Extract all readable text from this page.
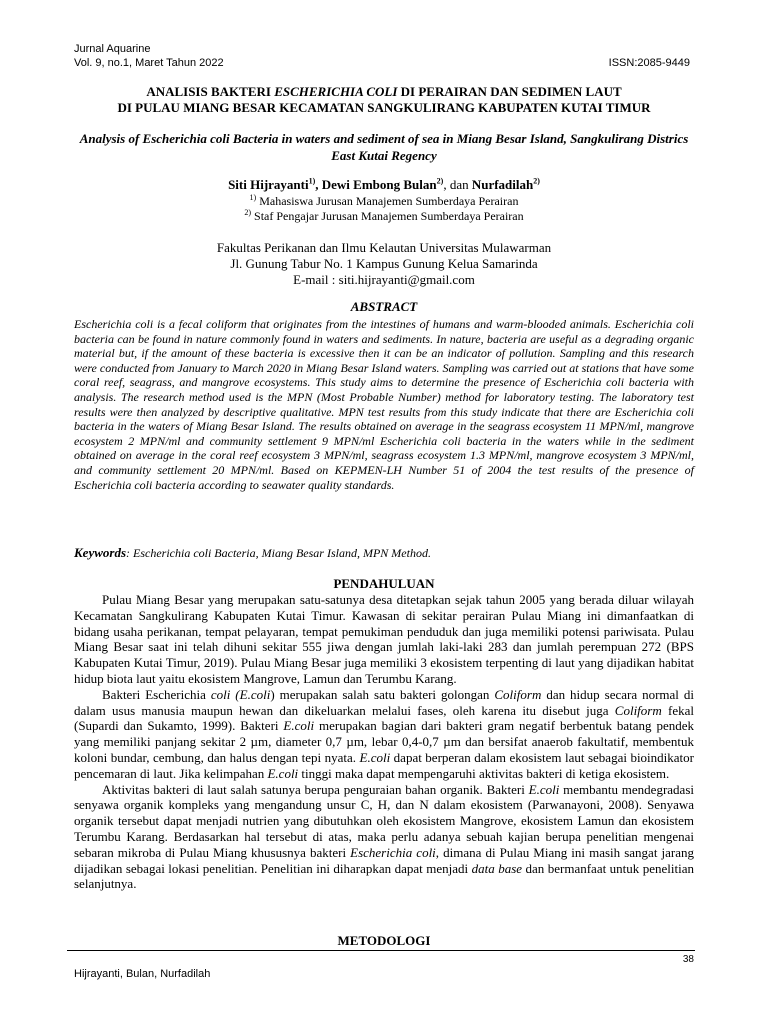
Jurnal Aquarine
Vol. 9, no.1, Maret Tahun 2022	ISSN:2085-9449
ANALISIS BAKTERI ESCHERICHIA COLI DI PERAIRAN DAN SEDIMEN LAUT
DI PULAU MIANG BESAR KECAMATAN SANGKULIRANG KABUPATEN KUTAI TIMUR
Analysis of Escherichia coli Bacteria in waters and sediment of sea in Miang Besar Island, Sangkulirang Districs East Kutai Regency
Siti Hijrayanti$^{1)}$, Dewi Embong Bulan$^{2)}$, dan Nurfadilah$^{2)}$
$^{1)}$ Mahasiswa Jurusan Manajemen Sumberdaya Perairan
$^{2)}$ Staf Pengajar Jurusan Manajemen Sumberdaya Perairan
Fakultas Perikanan dan Ilmu Kelautan Universitas Mulawarman
Jl. Gunung Tabur No. 1 Kampus Gunung Kelua Samarinda
E-mail : siti.hijrayanti@gmail.com
ABSTRACT
Escherichia coli is a fecal coliform that originates from the intestines of humans and warm-blooded animals. Escherichia coli bacteria can be found in nature commonly found in waters and sediments. In nature, bacteria are useful as a degrading organic material but, if the amount of these bacteria is excessive then it can be an indicator of pollution. Sampling and this research were conducted from January to March 2020 in Miang Besar Island waters. Sampling was carried out at stations that have some coral reef, seagrass, and mangrove ecosystems. This study aims to determine the presence of Escherichia coli bacteria with analysis. The research method used is the MPN (Most Probable Number) method for laboratory testing. The laboratory test results were then analyzed by descriptive qualitative. MPN test results from this study indicate that there are Escherichia coli bacteria in the waters of Miang Besar Island. The results obtained on average in the seagrass ecosystem 11 MPN/ml, mangrove ecosystem 2 MPN/ml and community settlement 9 MPN/ml Escherichia coli bacteria in the waters while in the sediment obtained on average in the coral reef ecosystem 3 MPN/ml, seagrass ecosystem 1.3 MPN/ml, mangrove ecosystem 3 MPN/ml, and community settlement 20 MPN/ml. Based on KEPMEN-LH Number 51 of 2004 the test results of the presence of Escherichia coli bacteria according to seawater quality standards.
Keywords: Escherichia coli Bacteria, Miang Besar Island, MPN Method.
PENDAHULUAN

Pulau Miang Besar yang merupakan satu-satunya desa ditetapkan sejak tahun 2005 yang berada diluar wilayah Kecamatan Sangkulirang Kabupaten Kutai Timur. Kawasan di sekitar perairan Pulau Miang ini dimanfaatkan di bidang usaha perikanan, tempat pelayaran, tempat pemukiman penduduk dan juga memiliki potensi pariwisata. Pulau Miang Besar saat ini telah dihuni sekitar 555 jiwa dengan jumlah laki-laki 283 dan jumlah perempuan 272 (BPS Kabupaten Kutai Timur, 2019). Pulau Miang Besar juga memiliki 3 ekosistem terpenting di laut yang dijadikan habitat hidup biota laut yaitu ekosistem Mangrove, Lamun dan Terumbu Karang.

Bakteri Escherichia coli (E.coli) merupakan salah satu bakteri golongan Coliform dan hidup secara normal di dalam usus manusia maupun hewan dan dikeluarkan melalui fases, oleh karena itu disebut juga Coliform fekal (Supardi dan Sukamto, 1999). Bakteri E.coli merupakan bagian dari bakteri gram negatif berbentuk batang pendek yang memiliki panjang sekitar 2 µm, diameter 0,7 µm, lebar 0,4-0,7 µm dan bersifat anaerob fakultatif, membentuk koloni bundar, cembung, dan halus dengan tepi nyata. E.coli dapat berperan dalam ekosistem laut sebagai bioindikator pencemaran di laut. Jika kelimpahan E.coli tinggi maka dapat mempengaruhi aktivitas bakteri di ketiga ekosistem.

Aktivitas bakteri di laut salah satunya berupa penguraian bahan organik. Bakteri E.coli membantu mendegradasi senyawa organik kompleks yang mengandung unsur C, H, dan N dalam ekosistem (Parwanayoni, 2008). Senyawa organik tersebut dapat menjadi nutrien yang dibutuhkan oleh ekosistem Mangrove, ekosistem Lamun dan ekosistem Terumbu Karang. Berdasarkan hal tersebut di atas, maka perlu adanya sebuah kajian berupa penelitian mengenai sebaran mikroba di Pulau Miang khususnya bakteri Escherichia coli, dimana di Pulau Miang ini masih sangat jarang dijadikan sebagai lokasi penelitian. Penelitian ini diharapkan dapat menjadi data base dan bermanfaat untuk penelitian selanjutnya.

METODOLOGI
38
Hijrayanti, Bulan, Nurfadilah
